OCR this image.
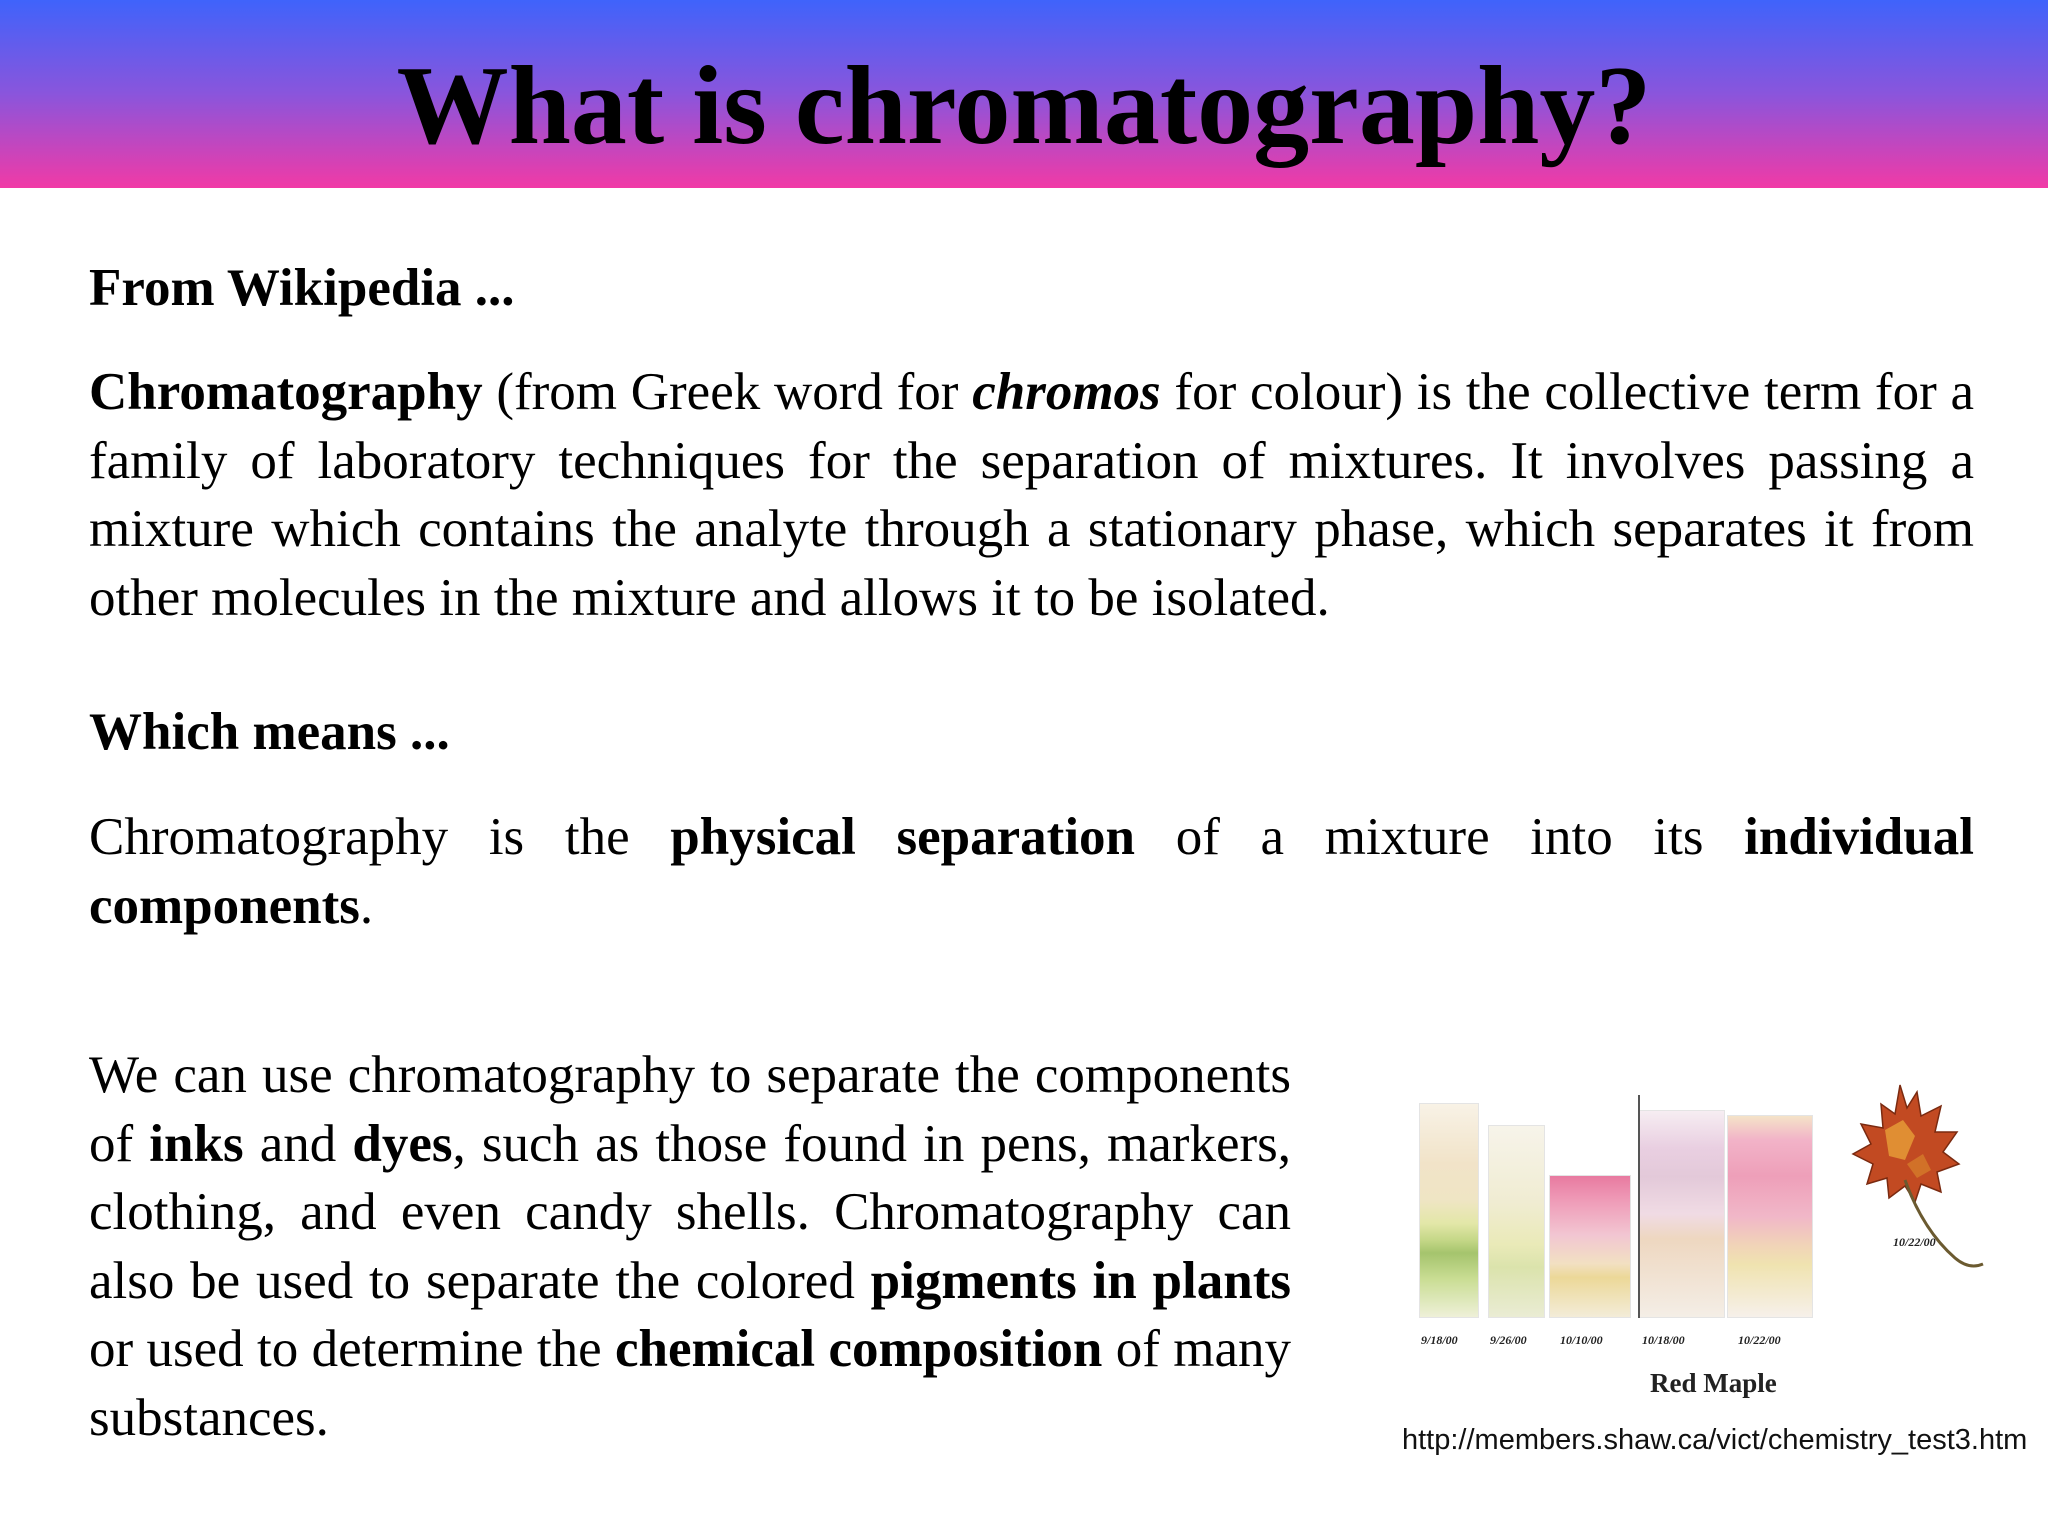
What is chromatography?

From Wikipedia ...

Chromatography (from Greek word for chromos for colour) is the collective term for a family of laboratory techniques for the separation of mixtures. It involves passing a mixture which contains the analyte through a stationary phase, which separates it from other molecules in the mixture and allows it to be isolated.

Which means ...

Chromatography is the physical separation of a mixture into its individual components.

We can use chromatography to separate the components of inks and dyes, such as those found in pens, markers, clothing, and even candy shells. Chromatography can also be used to separate the colored pigments in plants or used to determine the chemical composition of many substances.

10/22/00
9/18/00	9/26/00	10/10/00	10/18/00	10/22/00
Red Maple
http://members.shaw.ca/vict/chemistry_test3.htm
